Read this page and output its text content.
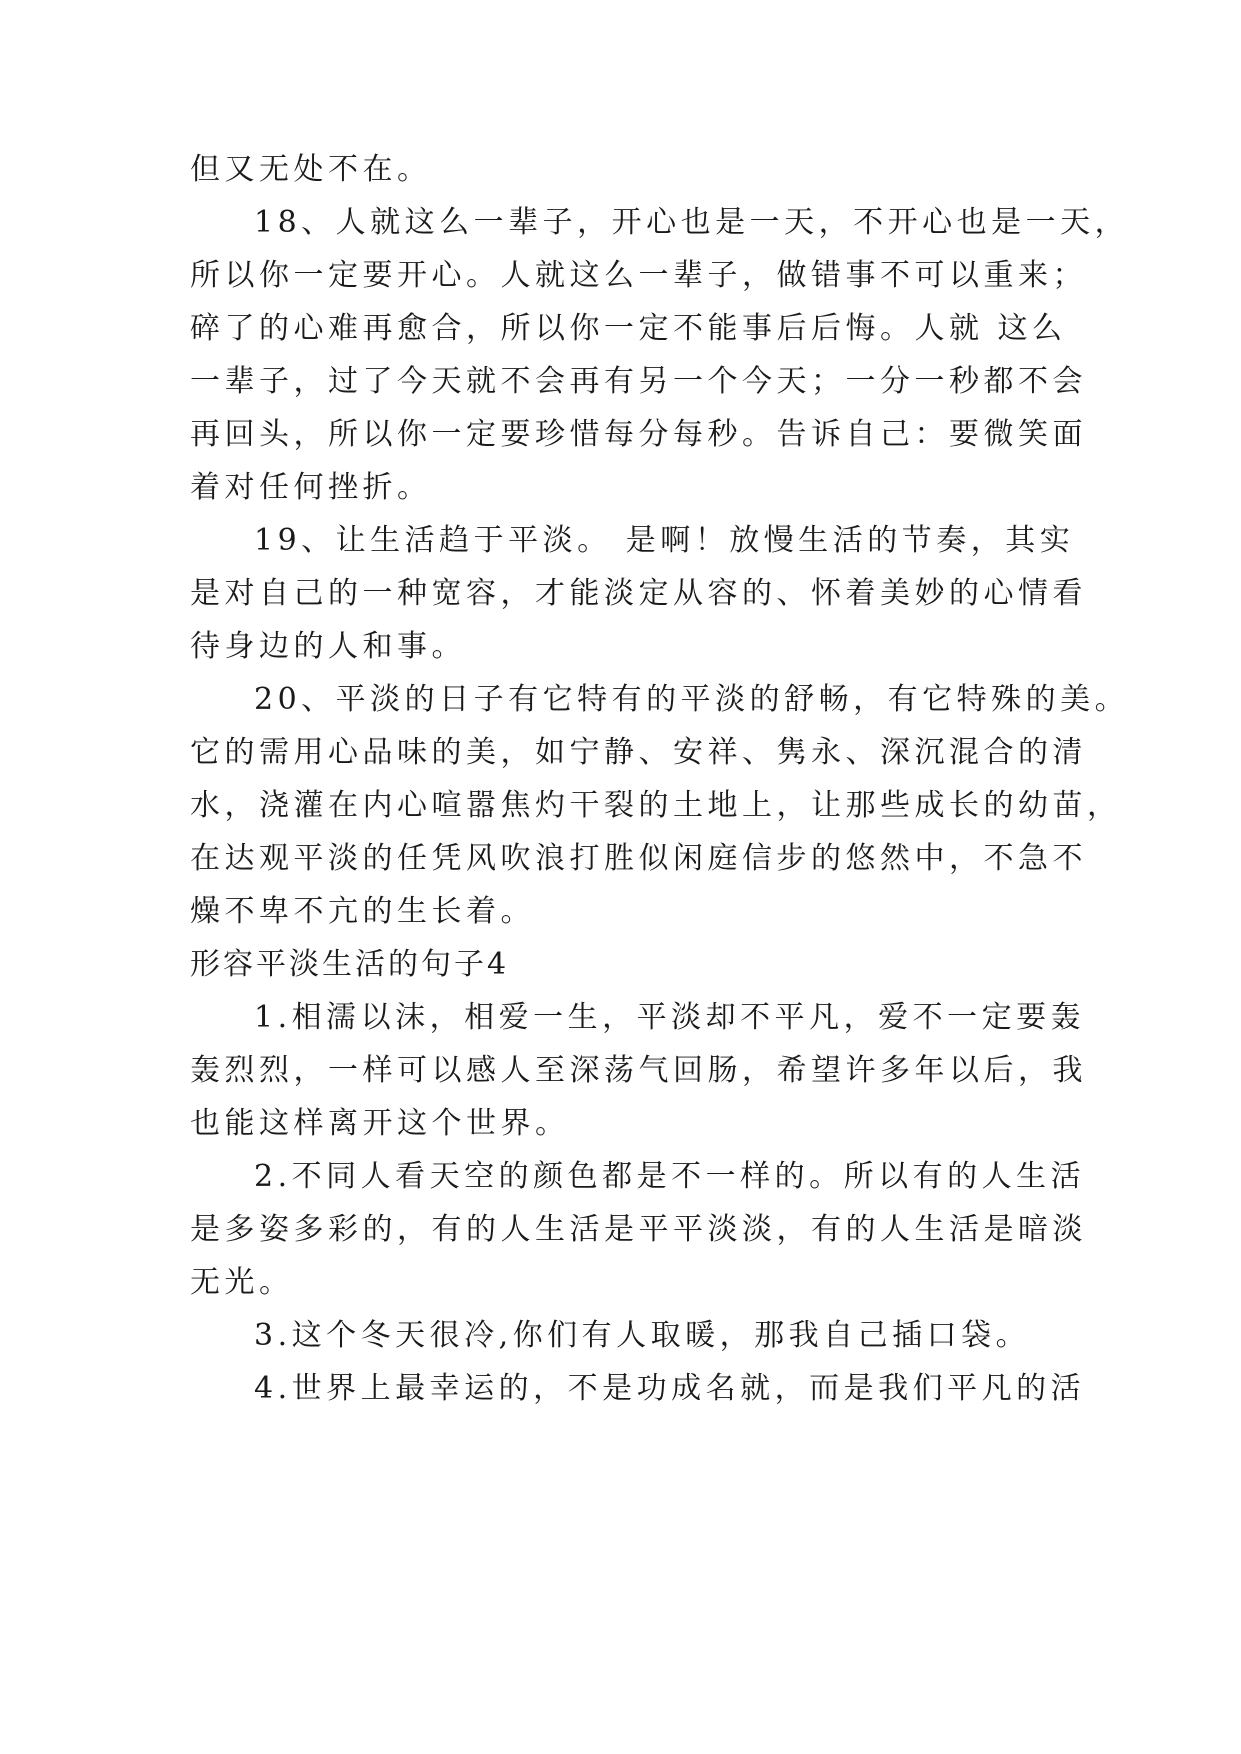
但又无处不在。
18、人就这么一辈子，开心也是一天，不开心也是一天，
所以你一定要开心。人就这么一辈子，做错事不可以重来；
碎了的心难再愈合，所以你一定不能事后后悔。人就 这么
一辈子，过了今天就不会再有另一个今天；一分一秒都不会
再回头，所以你一定要珍惜每分每秒。告诉自己：要微笑面
着对任何挫折。
19、让生活趋于平淡。 是啊！放慢生活的节奏，其实
是对自己的一种宽容，才能淡定从容的、怀着美妙的心情看
待身边的人和事。
20、平淡的日子有它特有的平淡的舒畅，有它特殊的美。
它的需用心品味的美，如宁静、安祥、隽永、深沉混合的清
水，浇灌在内心喧嚣焦灼干裂的土地上，让那些成长的幼苗，
在达观平淡的任凭风吹浪打胜似闲庭信步的悠然中，不急不
燥不卑不亢的生长着。
形容平淡生活的句子4
1.相濡以沫，相爱一生，平淡却不平凡，爱不一定要轰
轰烈烈，一样可以感人至深荡气回肠，希望许多年以后，我
也能这样离开这个世界。
2.不同人看天空的颜色都是不一样的。所以有的人生活
是多姿多彩的，有的人生活是平平淡淡，有的人生活是暗淡
无光。
3.这个冬天很冷,你们有人取暖，那我自己插口袋。
4.世界上最幸运的，不是功成名就，而是我们平凡的活
